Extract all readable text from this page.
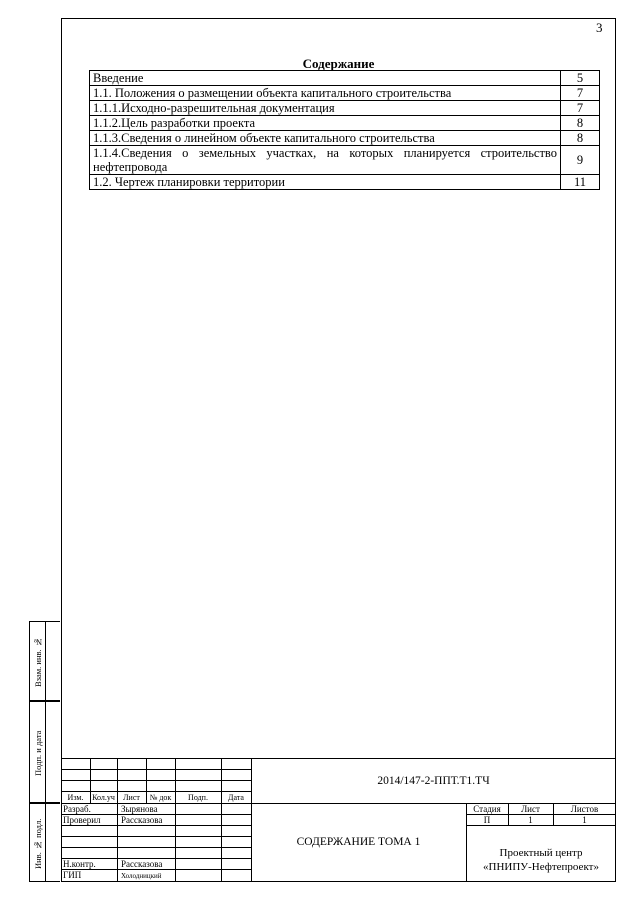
3
Содержание
Введение	5
1.1. Положения о размещении объекта капитального строительства	7
1.1.1.Исходно-разрешительная документация	7
1.1.2.Цель разработки проекта	8
1.1.3.Сведения о линейном объекте капитального строительства	8
1.1.4.Сведения о земельных участках, на которых планируется строительство нефтепровода	9
1.2. Чертеж планировки территории	11
Взам. инв. №
Подп. и дата
Инв. № подл.
Изм.	Кол.уч	Лист	№ док	Подп.	Дата
2014/147-2-ППТ.Т1.ТЧ
Разраб.	Зырянова
Проверил Рассказова
Н.контр.	Рассказова
ГИП	Холодницкий
СОДЕРЖАНИЕ ТОМА 1
Стадия	Лист	Листов
П	1	1
Проектный центр
«ПНИПУ-Нефтепроект»
